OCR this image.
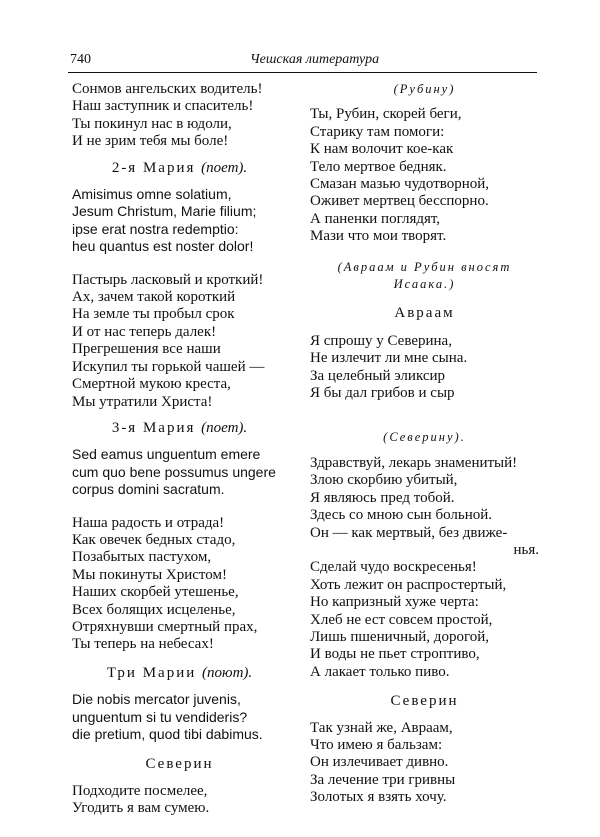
740	Чешская литература
Сонмов ангельских водитель!
Наш заступник и спаситель!
Ты покинул нас в юдоли,
И не зрим тебя мы боле!
2-я Мария (поет).
Amisimus omne solatium,
Jesum Christum, Marie filium;
ipse erat nostra redemptio:
heu quantus est noster dolor!
Пастырь ласковый и кроткий!
Ах, зачем такой короткий
На земле ты пробыл срок
И от нас теперь далек!
Прегрешения все наши
Искупил ты горькой чашей —
Смертной мукою креста,
Мы утратили Христа!
3-я Мария (поет).
Sed eamus unguentum emere
cum quo bene possumus ungere
corpus domini sacratum.
Наша радость и отрада!
Как овечек бедных стадо,
Позабытых пастухом,
Мы покинуты Христом!
Наших скорбей утешенье,
Всех болящих исцеленье,
Отряхнувши смертный прах,
Ты теперь на небесах!
Три Марии (поют).
Die nobis mercator juvenis,
unguentum si tu vendideris?
die pretium, quod tibi dabimus.
Северин
Подходите посмелее,
Угодить я вам сумею.
(Рубину)
Ты, Рубин, скорей беги,
Старику там помоги:
К нам волочит кое-как
Тело мертвое бедняк.
Смазан мазью чудотворной,
Оживет мертвец бесспорно.
А паненки поглядят,
Мази что мои творят.
(Авраам и Рубин вносят
Исаака.)
Авраам
Я спрошу у Северина,
Не излечит ли мне сына.
За целебный эликсир
Я бы дал грибов и сыр
(Северину).
Здравствуй, лекарь знаменитый!
Злою скорбию убитый,
Я являюсь пред тобой.
Здесь со мною сын больной.
Он — как мертвый, без движе-
нья.
Сделай чудо воскресенья!
Хоть лежит он распростертый,
Но капризный хуже черта:
Хлеб не ест совсем простой,
Лишь пшеничный, дорогой,
И воды не пьет строптиво,
А лакает только пиво.
Северин
Так узнай же, Авраам,
Что имею я бальзам:
Он излечивает дивно.
За лечение три гривны
Золотых я взять хочу.
